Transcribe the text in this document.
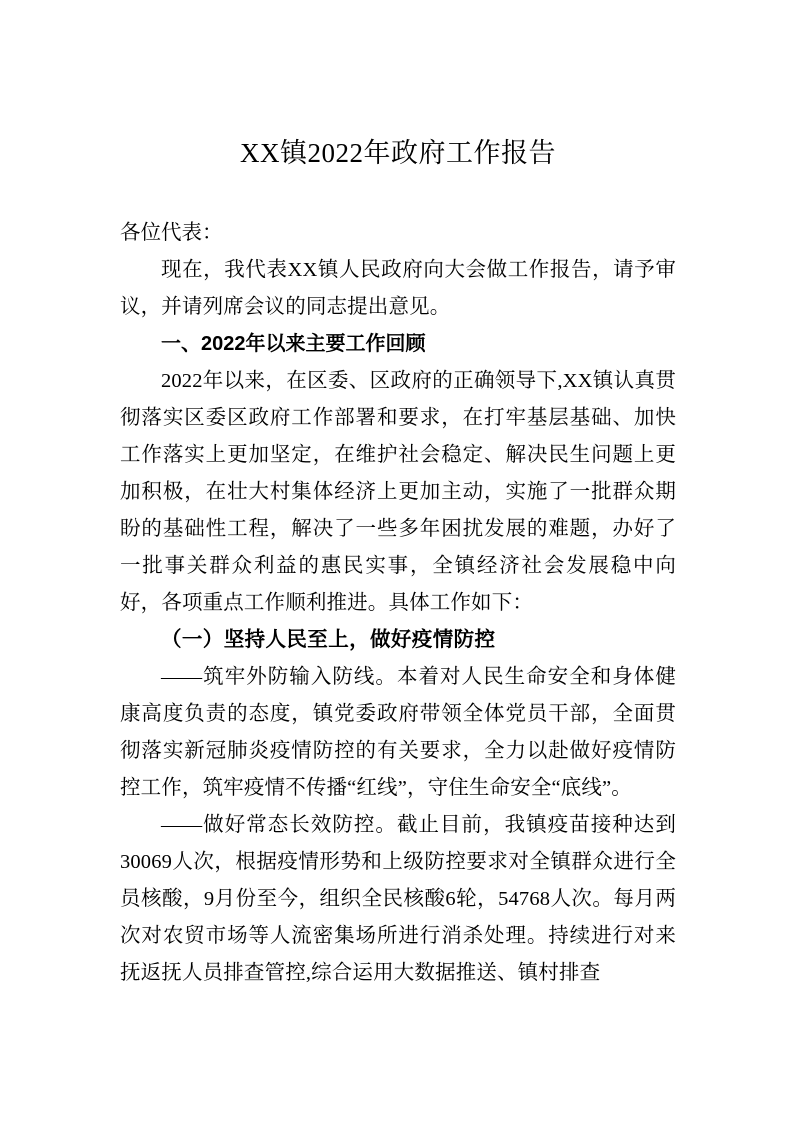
XX镇2022年政府工作报告

各位代表：

现在，我代表XX镇人民政府向大会做工作报告，请予审议，并请列席会议的同志提出意见。

一、2022年以来主要工作回顾

2022年以来，在区委、区政府的正确领导下,XX镇认真贯彻落实区委区政府工作部署和要求，在打牢基层基础、加快工作落实上更加坚定，在维护社会稳定、解决民生问题上更加积极，在壮大村集体经济上更加主动，实施了一批群众期盼的基础性工程，解决了一些多年困扰发展的难题，办好了一批事关群众利益的惠民实事，全镇经济社会发展稳中向好，各项重点工作顺利推进。具体工作如下：

（一）坚持人民至上，做好疫情防控

——筑牢外防输入防线。本着对人民生命安全和身体健康高度负责的态度，镇党委政府带领全体党员干部，全面贯彻落实新冠肺炎疫情防控的有关要求，全力以赴做好疫情防控工作，筑牢疫情不传播“红线”，守住生命安全“底线”。

——做好常态长效防控。截止目前，我镇疫苗接种达到30069人次，根据疫情形势和上级防控要求对全镇群众进行全员核酸，9月份至今，组织全民核酸6轮，54768人次。每月两次对农贸市场等人流密集场所进行消杀处理。持续进行对来抚返抚人员排查管控,综合运用大数据推送、镇村排查
